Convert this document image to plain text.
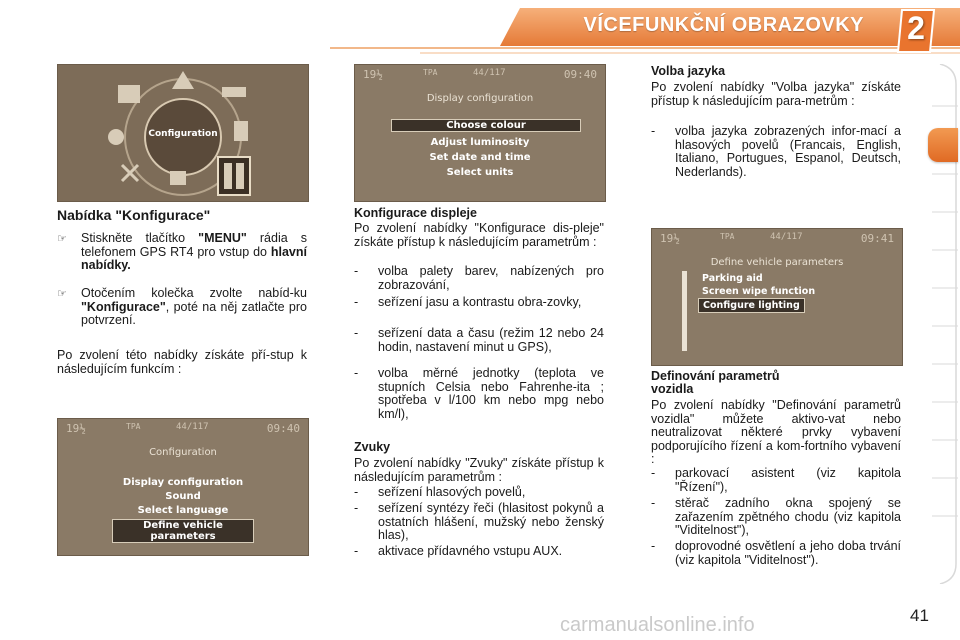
VÍCEFUNKČNÍ OBRAZOVKY	2
Configuration
19½	TPA	44/117	09:40
Display configuration
Choose colour
Adjust luminosity
Set date and time
Select units
19½	TPA	44/117	09:41
Define vehicle parameters
Parking aid
Screen wipe function
Configure lighting
19½	TPA	44/117	09:40
Configuration
Display configuration
Sound
Select language
Define vehicle parameters
Nabídka "Konfigurace"
☞ Stiskněte tlačítko "MENU" rádia s telefonem GPS RT4 pro vstup do hlavní nabídky.
☞ Otočením kolečka zvolte nabíd-ku "Konfigurace", poté na něj zatlačte pro potvrzení.
Po zvolení této nabídky získáte pří-stup k následujícím funkcím :
Konfigurace displeje
Po zvolení nabídky "Konfigurace dis-pleje" získáte přístup k následujícím parametrům :
- volba palety barev, nabízených pro zobrazování,
- seřízení jasu a kontrastu obra-zovky,
- seřízení data a času (režim 12 nebo 24 hodin, nastavení minut u GPS),
- volba měrné jednotky (teplota ve stupních Celsia nebo Fahrenhe-ita ; spotřeba v l/100 km nebo mpg nebo km/l),
Zvuky
Po zvolení nabídky "Zvuky" získáte přístup k následujícím parametrům :
- seřízení hlasových povelů,
- seřízení syntézy řeči (hlasitost pokynů a ostatních hlášení, mužský nebo ženský hlas),
- aktivace přídavného vstupu AUX.
Volba jazyka
Po zvolení nabídky "Volba jazyka" získáte přístup k následujícím para-metrům :
- volba jazyka zobrazených infor-mací a hlasových povelů (Francais, English, Italiano, Portugues, Espanol, Deutsch, Nederlands).
Definování parametrů
vozidla
Po zvolení nabídky "Definování parametrů vozidla" můžete aktivo-vat nebo neutralizovat některé prvky vybavení podporujícího řízení a kom-fortního vybavení :
- parkovací asistent (viz kapitola "Řízení"),
- stěrač zadního okna spojený se zařazením zpětného chodu (viz kapitola "Viditelnost"),
- doprovodné osvětlení a jeho doba trvání (viz kapitola "Viditelnost").
carmanualsonline.info	41
